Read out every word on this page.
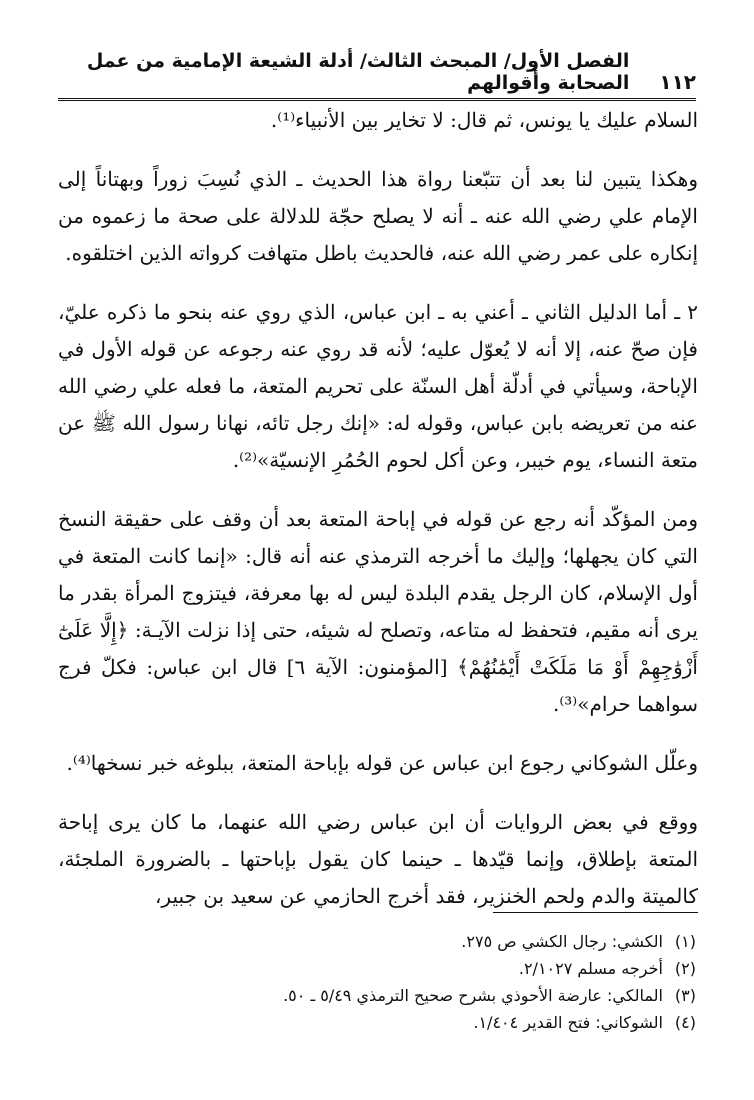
١١٢
الفصل الأول/ المبحث الثالث/ أدلة الشيعة الإمامية من عمل الصحابة وأقوالهم

السلام عليك يا يونس، ثم قال: لا تخاير بين الأنبياء⁽¹⁾.

وهكذا يتبين لنا بعد أن تتبّعنا رواة هذا الحديث ـ الذي نُسِبَ زوراً وبهتاناً إلى الإمام علي رضي الله عنه ـ أنه لا يصلح حجّة للدلالة على صحة ما زعموه من إنكاره على عمر رضي الله عنه، فالحديث باطل متهافت كرواته الذين اختلقوه.

٢ ـ أما الدليل الثاني ـ أعني به ـ ابن عباس، الذي روي عنه بنحو ما ذكره عليّ، فإن صحّ عنه، إلا أنه لا يُعوّل عليه؛ لأنه قد روي عنه رجوعه عن قوله الأول في الإباحة، وسيأتي في أدلّة أهل السنّة على تحريم المتعة، ما فعله علي رضي الله عنه من تعريضه بابن عباس، وقوله له: «إنك رجل تائه، نهانا رسول الله ﷺ عن متعة النساء، يوم خيبر، وعن أكل لحوم الحُمُرِ الإنسيّة»⁽²⁾.

ومن المؤكّد أنه رجع عن قوله في إباحة المتعة بعد أن وقف على حقيقة النسخ التي كان يجهلها؛ وإليك ما أخرجه الترمذي عنه أنه قال: «إنما كانت المتعة في أول الإسلام، كان الرجل يقدم البلدة ليس له بها معرفة، فيتزوج المرأة بقدر ما يرى أنه مقيم، فتحفظ له متاعه، وتصلح له شيئه، حتى إذا نزلت الآيـة: ﴿إِلَّا عَلَىٰٓ أَزْوَٰجِهِمْ أَوْ مَا مَلَكَتْ أَيْمَٰنُهُمْ﴾ [المؤمنون: الآية ٦] قال ابن عباس: فكلّ فرج سواهما حرام»⁽³⁾.

وعلّل الشوكاني رجوع ابن عباس عن قوله بإباحة المتعة، ببلوغه خبر نسخها⁽⁴⁾.

ووقع في بعض الروايات أن ابن عباس رضي الله عنهما، ما كان يرى إباحة المتعة بإطلاق، وإنما قيّدها ـ حينما كان يقول بإباحتها ـ بالضرورة الملجئة، كالميتة والدم ولحم الخنزير، فقد أخرج الحازمي عن سعيد بن جبير،

(١)
الكشي: رجال الكشي ص ٢٧٥.
(٢)
أخرجه مسلم ٢/١٠٢٧.
(٣)
المالكي: عارضة الأحوذي بشرح صحيح الترمذي ٥/٤٩ ـ ٥٠.
(٤)
الشوكاني: فتح القدير ١/٤٠٤.
